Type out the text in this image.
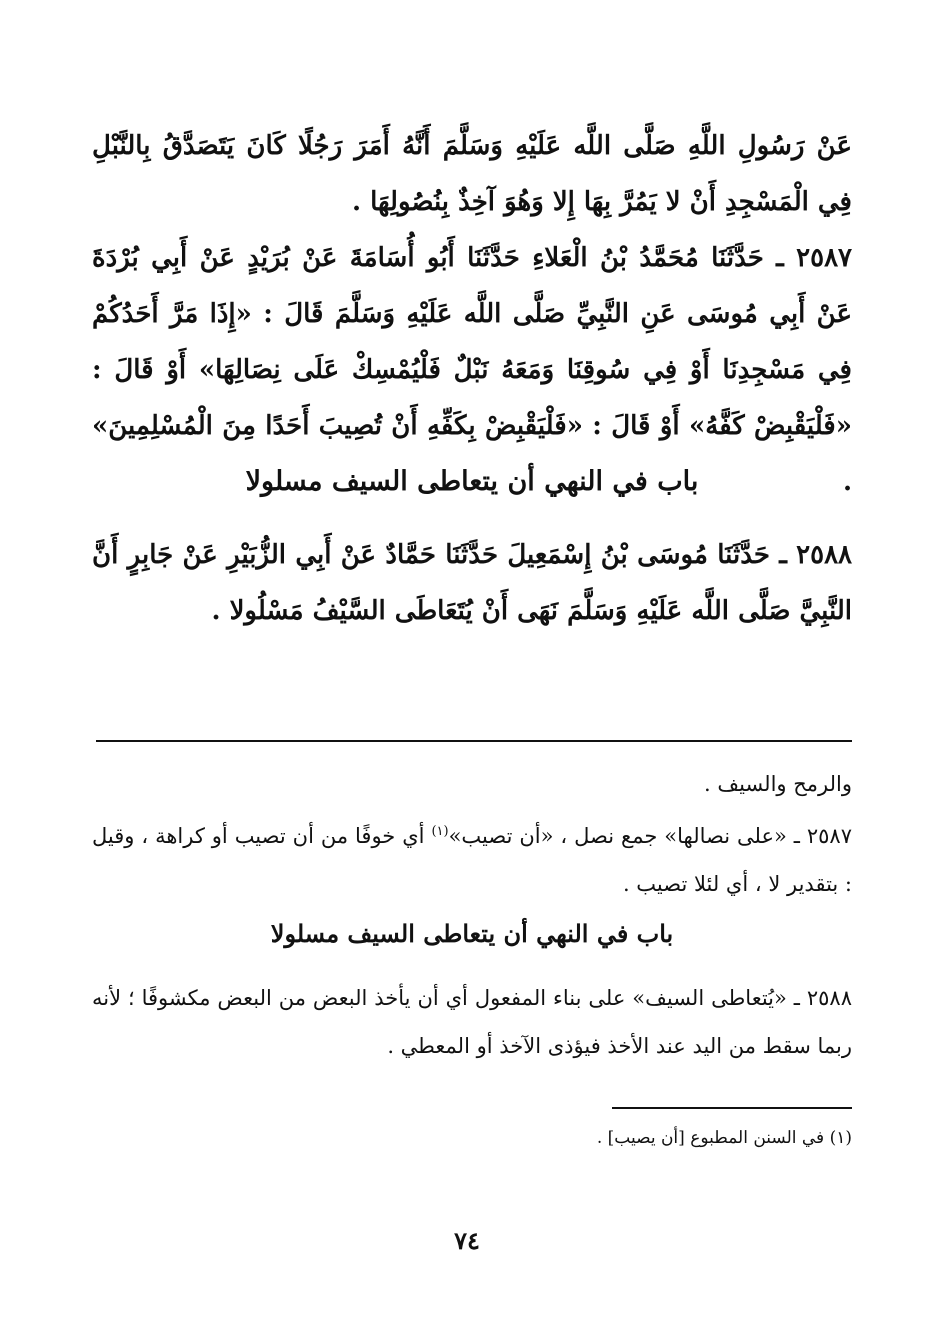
عَنْ رَسُولِ اللَّهِ صَلَّى اللَّه عَلَيْهِ وَسَلَّمَ أَنَّهُ أَمَرَ رَجُلًا كَانَ يَتَصَدَّقُ بِالنَّبْلِ فِي الْمَسْجِدِ أَنْ لا يَمُرَّ بِهَا إِلا وَهُوَ آخِذٌ بِنُصُولِهَا .

٢٥٨٧ ـ حَدَّثَنَا مُحَمَّدُ بْنُ الْعَلاءِ حَدَّثَنَا أَبُو أُسَامَةَ عَنْ بُرَيْدٍ عَنْ أَبِي بُرْدَةَ عَنْ أَبِي مُوسَى عَنِ النَّبِيِّ صَلَّى اللَّه عَلَيْهِ وَسَلَّمَ قَالَ : «إِذَا مَرَّ أَحَدُكُمْ فِي مَسْجِدِنَا أَوْ فِي سُوقِنَا وَمَعَهُ نَبْلٌ فَلْيُمْسِكْ عَلَى نِصَالِهَا» أَوْ قَالَ : «فَلْيَقْبِضْ كَفَّهُ» أَوْ قَالَ : «فَلْيَقْبِضْ بِكَفِّهِ أَنْ تُصِيبَ أَحَدًا مِنَ الْمُسْلِمِينَ» .

باب في النهي أن يتعاطى السيف مسلولا

٢٥٨٨ ـ حَدَّثَنَا مُوسَى بْنُ إِسْمَعِيلَ حَدَّثَنَا حَمَّادٌ عَنْ أَبِي الزُّبَيْرِ عَنْ جَابِرٍ أَنَّ النَّبِيَّ صَلَّى اللَّه عَلَيْهِ وَسَلَّمَ نَهَى أَنْ يُتَعَاطَى السَّيْفُ مَسْلُولا .

والرمح والسيف .

٢٥٨٧ ـ «على نصالها» جمع نصل ، «أن تصيب»$^{(١)}$ أي خوفًا من أن تصيب أو كراهة ، وقيل : بتقدير لا ، أي لئلا تصيب .

باب في النهي أن يتعاطى السيف مسلولا

٢٥٨٨ ـ «يُتعاطى السيف» على بناء المفعول أي أن يأخذ البعض من البعض مكشوفًا ؛ لأنه ربما سقط من اليد عند الأخذ فيؤذى الآخذ أو المعطي .

(١) في السنن المطبوع [أن يصيب] .
٧٤
